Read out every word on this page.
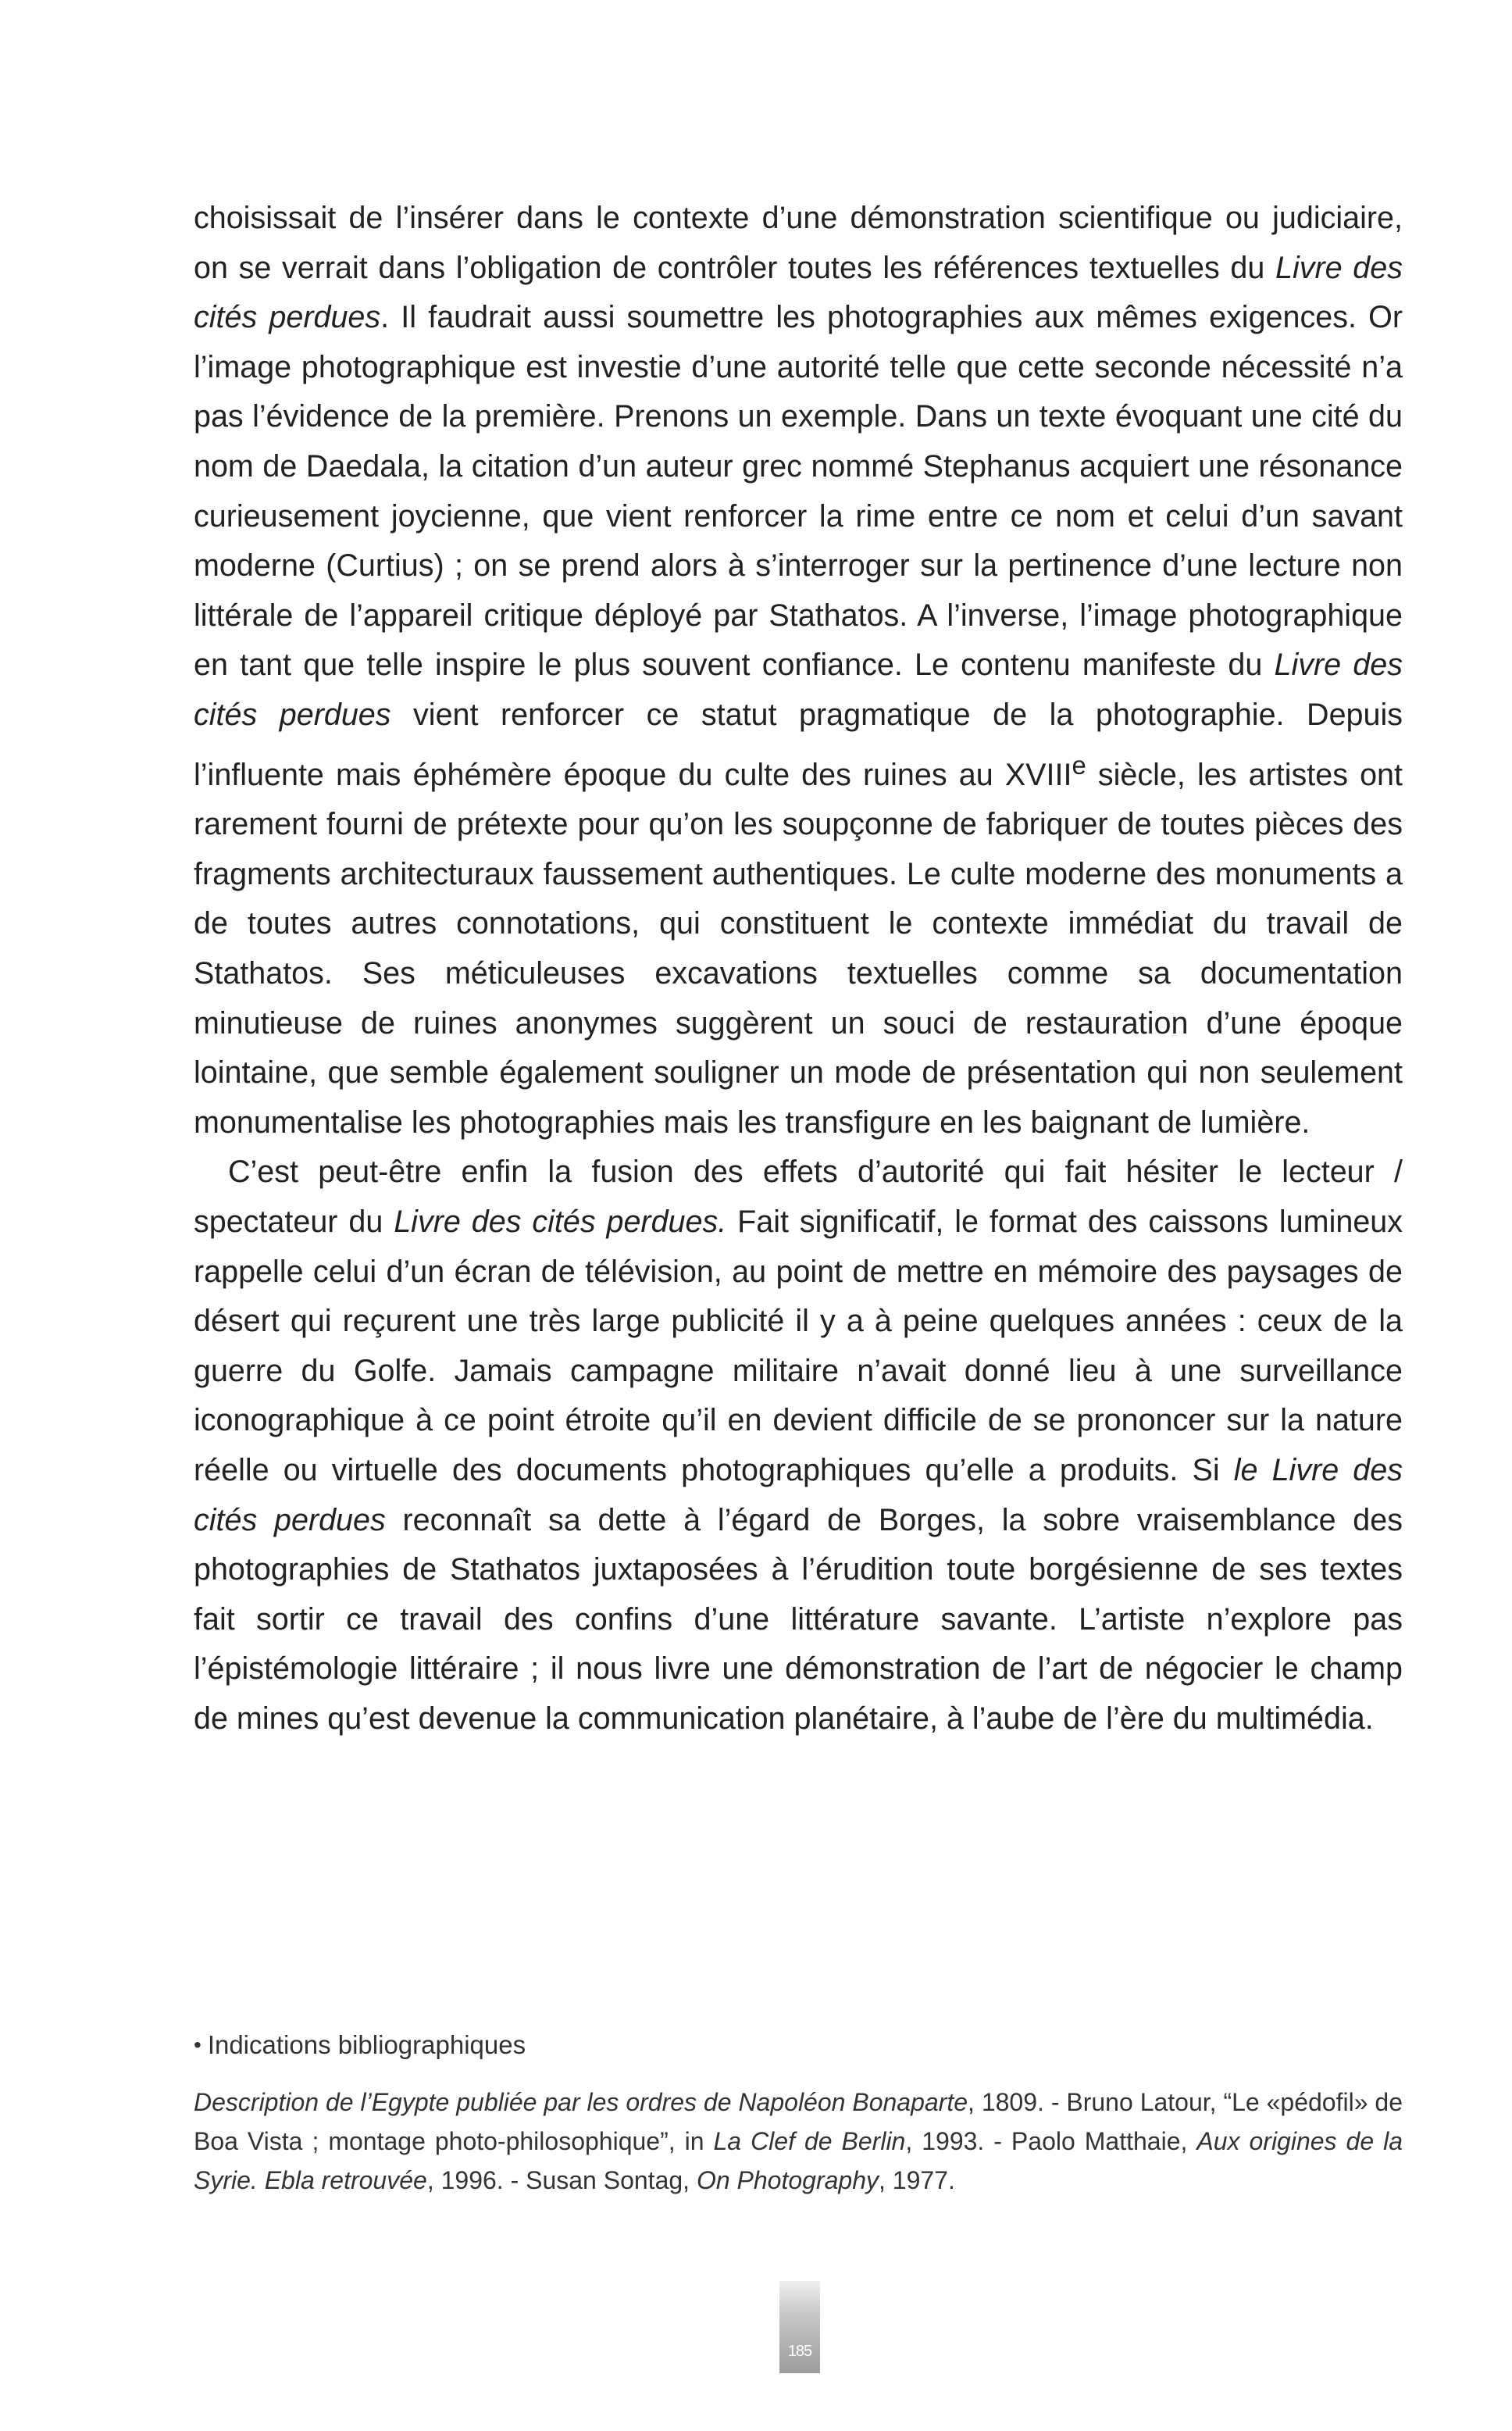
choisissait de l’insérer dans le contexte d’une démonstration scientifique ou judiciaire, on se verrait dans l’obligation de contrôler toutes les références textuelles du Livre des cités perdues. Il faudrait aussi soumettre les photographies aux mêmes exigences. Or l’image photographique est investie d’une autorité telle que cette seconde nécessité n’a pas l’évidence de la première. Prenons un exemple. Dans un texte évoquant une cité du nom de Daedala, la citation d’un auteur grec nommé Stephanus acquiert une résonance curieusement joycienne, que vient renforcer la rime entre ce nom et celui d’un savant moderne (Curtius) ; on se prend alors à s’interroger sur la pertinence d’une lecture non littérale de l’appareil critique déployé par Stathatos. A l’inverse, l’image photographique en tant que telle inspire le plus souvent confiance. Le contenu manifeste du Livre des cités perdues vient renforcer ce statut pragmatique de la photographie. Depuis l’influente mais éphémère époque du culte des ruines au XVIIIe siècle, les artistes ont rarement fourni de prétexte pour qu’on les soupçonne de fabriquer de toutes pièces des fragments architecturaux faussement authentiques. Le culte moderne des monuments a de toutes autres connotations, qui constituent le contexte immédiat du travail de Stathatos. Ses méticuleuses excavations textuelles comme sa documentation minutieuse de ruines anonymes suggèrent un souci de restauration d’une époque lointaine, que semble également souligner un mode de présentation qui non seulement monumentalise les photographies mais les transfigure en les baignant de lumière.

C’est peut-être enfin la fusion des effets d’autorité qui fait hésiter le lecteur / spectateur du Livre des cités perdues. Fait significatif, le format des caissons lumineux rappelle celui d’un écran de télévision, au point de mettre en mémoire des paysages de désert qui reçurent une très large publicité il y a à peine quelques années : ceux de la guerre du Golfe. Jamais campagne militaire n’avait donné lieu à une surveillance iconographique à ce point étroite qu’il en devient difficile de se prononcer sur la nature réelle ou virtuelle des documents photographiques qu’elle a produits. Si le Livre des cités perdues reconnaît sa dette à l’égard de Borges, la sobre vraisemblance des photographies de Stathatos juxtaposées à l’érudition toute borgésienne de ses textes fait sortir ce travail des confins d’une littérature savante. L’artiste n’explore pas l’épistémologie littéraire ; il nous livre une démonstration de l’art de négocier le champ de mines qu’est devenue la communication planétaire, à l’aube de l’ère du multimédia.

• Indications bibliographiques

Description de l’Egypte publiée par les ordres de Napoléon Bonaparte, 1809. - Bruno Latour, “Le «pédofil» de Boa Vista ; montage photo-philosophique”, in La Clef de Berlin, 1993. - Paolo Matthaie, Aux origines de la Syrie. Ebla retrouvée, 1996. - Susan Sontag, On Photography, 1977.

185
